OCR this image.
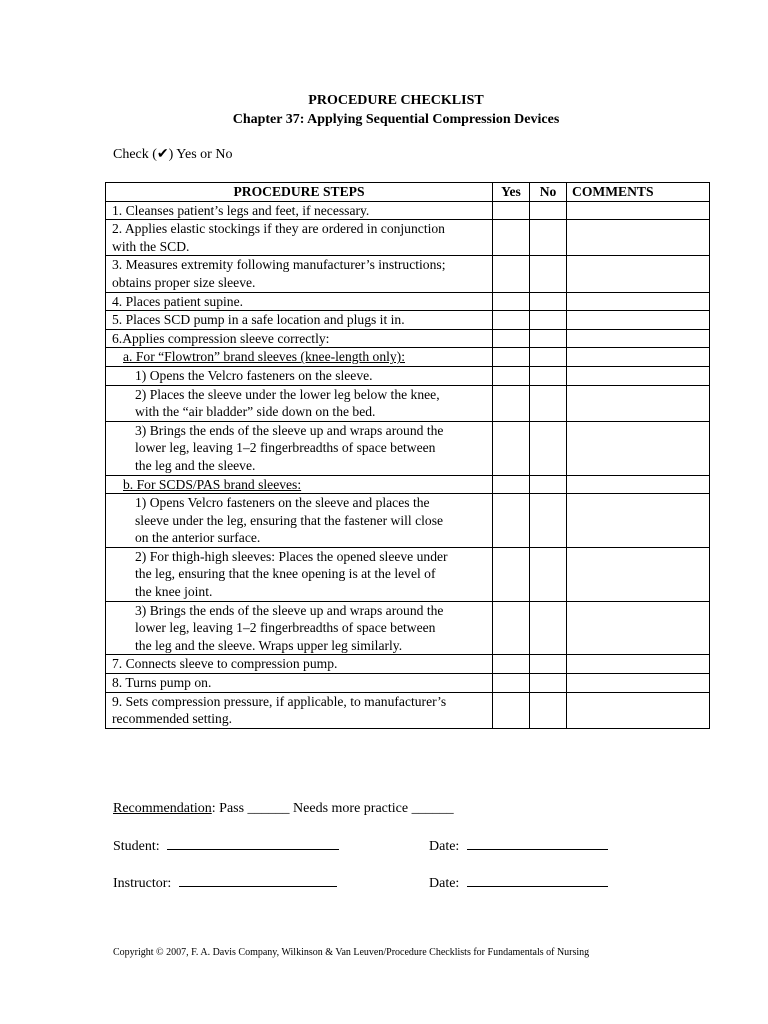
PROCEDURE CHECKLIST
Chapter 37: Applying Sequential Compression Devices
Check (✔) Yes or No
PROCEDURE STEPS	Yes	No	COMMENTS

1. Cleanses patient’s legs and feet, if necessary.			

2. Applies elastic stockings if they are ordered in conjunction
with the SCD.			

3. Measures extremity following manufacturer’s instructions;
obtains proper size sleeve.			

4. Places patient supine.			

5. Places SCD pump in a safe location and plugs it in.			

6.Applies compression sleeve correctly:			

a. For “Flowtron” brand sleeves (knee-length only):			

1) Opens the Velcro fasteners on the sleeve.			

2) Places the sleeve under the lower leg below the knee,
with the “air bladder” side down on the bed.			

3) Brings the ends of the sleeve up and wraps around the
lower leg, leaving 1–2 fingerbreadths of space between
the leg and the sleeve.			

b. For SCDS/PAS brand sleeves:			

1) Opens Velcro fasteners on the sleeve and places the
sleeve under the leg, ensuring that the fastener will close
on the anterior surface.			

2) For thigh-high sleeves: Places the opened sleeve under
the leg, ensuring that the knee opening is at the level of
the knee joint.			

3) Brings the ends of the sleeve up and wraps around the
lower leg, leaving 1–2 fingerbreadths of space between
the leg and the sleeve. Wraps upper leg similarly.			

7. Connects sleeve to compression pump.			

8. Turns pump on.			

9. Sets compression pressure, if applicable, to manufacturer’s
recommended setting.			

Recommendation: Pass ______ Needs more practice ______
Student:	Date:
Instructor:	Date:
Copyright © 2007, F. A. Davis Company, Wilkinson & Van Leuven/Procedure Checklists for Fundamentals of Nursing
